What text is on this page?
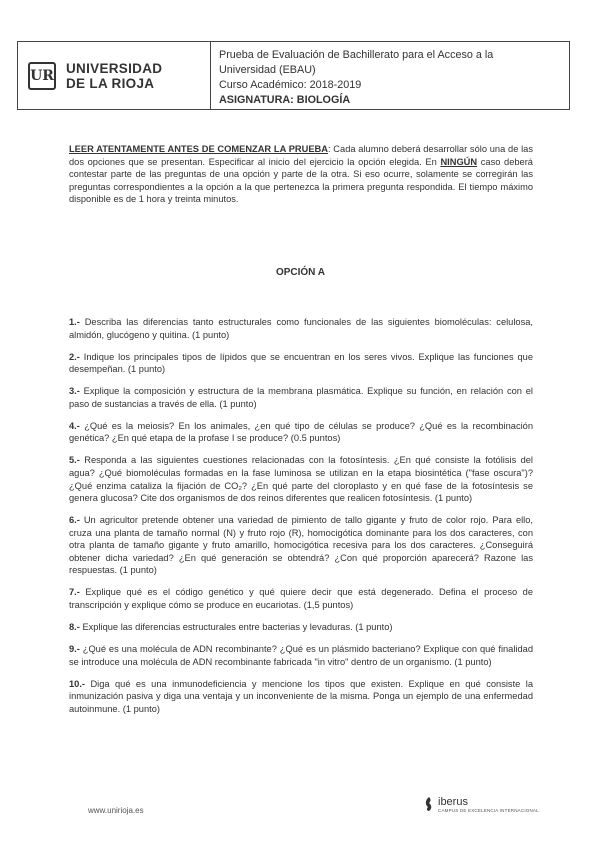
UR UNIVERSIDAD
DE LA RIOJA
Prueba de Evaluación de Bachillerato para el Acceso a la
Universidad (EBAU)
Curso Académico: 2018-2019
ASIGNATURA: BIOLOGÍA
LEER ATENTAMENTE ANTES DE COMENZAR LA PRUEBA: Cada alumno deberá desarrollar sólo una de las dos opciones que se presentan. Especificar al inicio del ejercicio la opción elegida. En NINGÚN caso deberá contestar parte de las preguntas de una opción y parte de la otra. Si eso ocurre, solamente se corregirán las preguntas correspondientes a la opción a la que pertenezca la primera pregunta respondida. El tiempo máximo disponible es de 1 hora y treinta minutos.
OPCIÓN A

1.- Describa las diferencias tanto estructurales como funcionales de las siguientes biomoléculas: celulosa, almidón, glucógeno y quitina. (1 punto)

2.- Indique los principales tipos de lípidos que se encuentran en los seres vivos. Explique las funciones que desempeñan. (1 punto)

3.- Explique la composición y estructura de la membrana plasmática. Explique su función, en relación con el paso de sustancias a través de ella. (1 punto)

4.- ¿Qué es la meiosis? En los animales, ¿en qué tipo de células se produce? ¿Qué es la recombinación genética? ¿En qué etapa de la profase I se produce? (0.5 puntos)

5.- Responda a las siguientes cuestiones relacionadas con la fotosíntesis. ¿En qué consiste la fotólisis del agua? ¿Qué biomoléculas formadas en la fase luminosa se utilizan en la etapa biosintética ("fase oscura")? ¿Qué enzima cataliza la fijación de CO₂? ¿En qué parte del cloroplasto y en qué fase de la fotosíntesis se genera glucosa? Cite dos organismos de dos reinos diferentes que realicen fotosíntesis. (1 punto)

6.- Un agricultor pretende obtener una variedad de pimiento de tallo gigante y fruto de color rojo. Para ello, cruza una planta de tamaño normal (N) y fruto rojo (R), homocigótica dominante para los dos caracteres, con otra planta de tamaño gigante y fruto amarillo, homocigótica recesiva para los dos caracteres. ¿Conseguirá obtener dicha variedad? ¿En qué generación se obtendrá? ¿Con qué proporción aparecerá? Razone las respuestas. (1 punto)

7.- Explique qué es el código genético y qué quiere decir que está degenerado. Defina el proceso de transcripción y explique cómo se produce en eucariotas. (1,5 puntos)

8.- Explique las diferencias estructurales entre bacterias y levaduras. (1 punto)

9.- ¿Qué es una molécula de ADN recombinante? ¿Qué es un plásmido bacteriano? Explique con qué finalidad se introduce una molécula de ADN recombinante fabricada "in vitro" dentro de un organismo. (1 punto)

10.- Diga qué es una inmunodeficiencia y mencione los tipos que existen. Explique en qué consiste la inmunización pasiva y diga una ventaja y un inconveniente de la misma. Ponga un ejemplo de una enfermedad autoinmune. (1 punto)

www.unirioja.es
iberus
CAMPUS DE EXCELENCIA INTERNACIONAL
